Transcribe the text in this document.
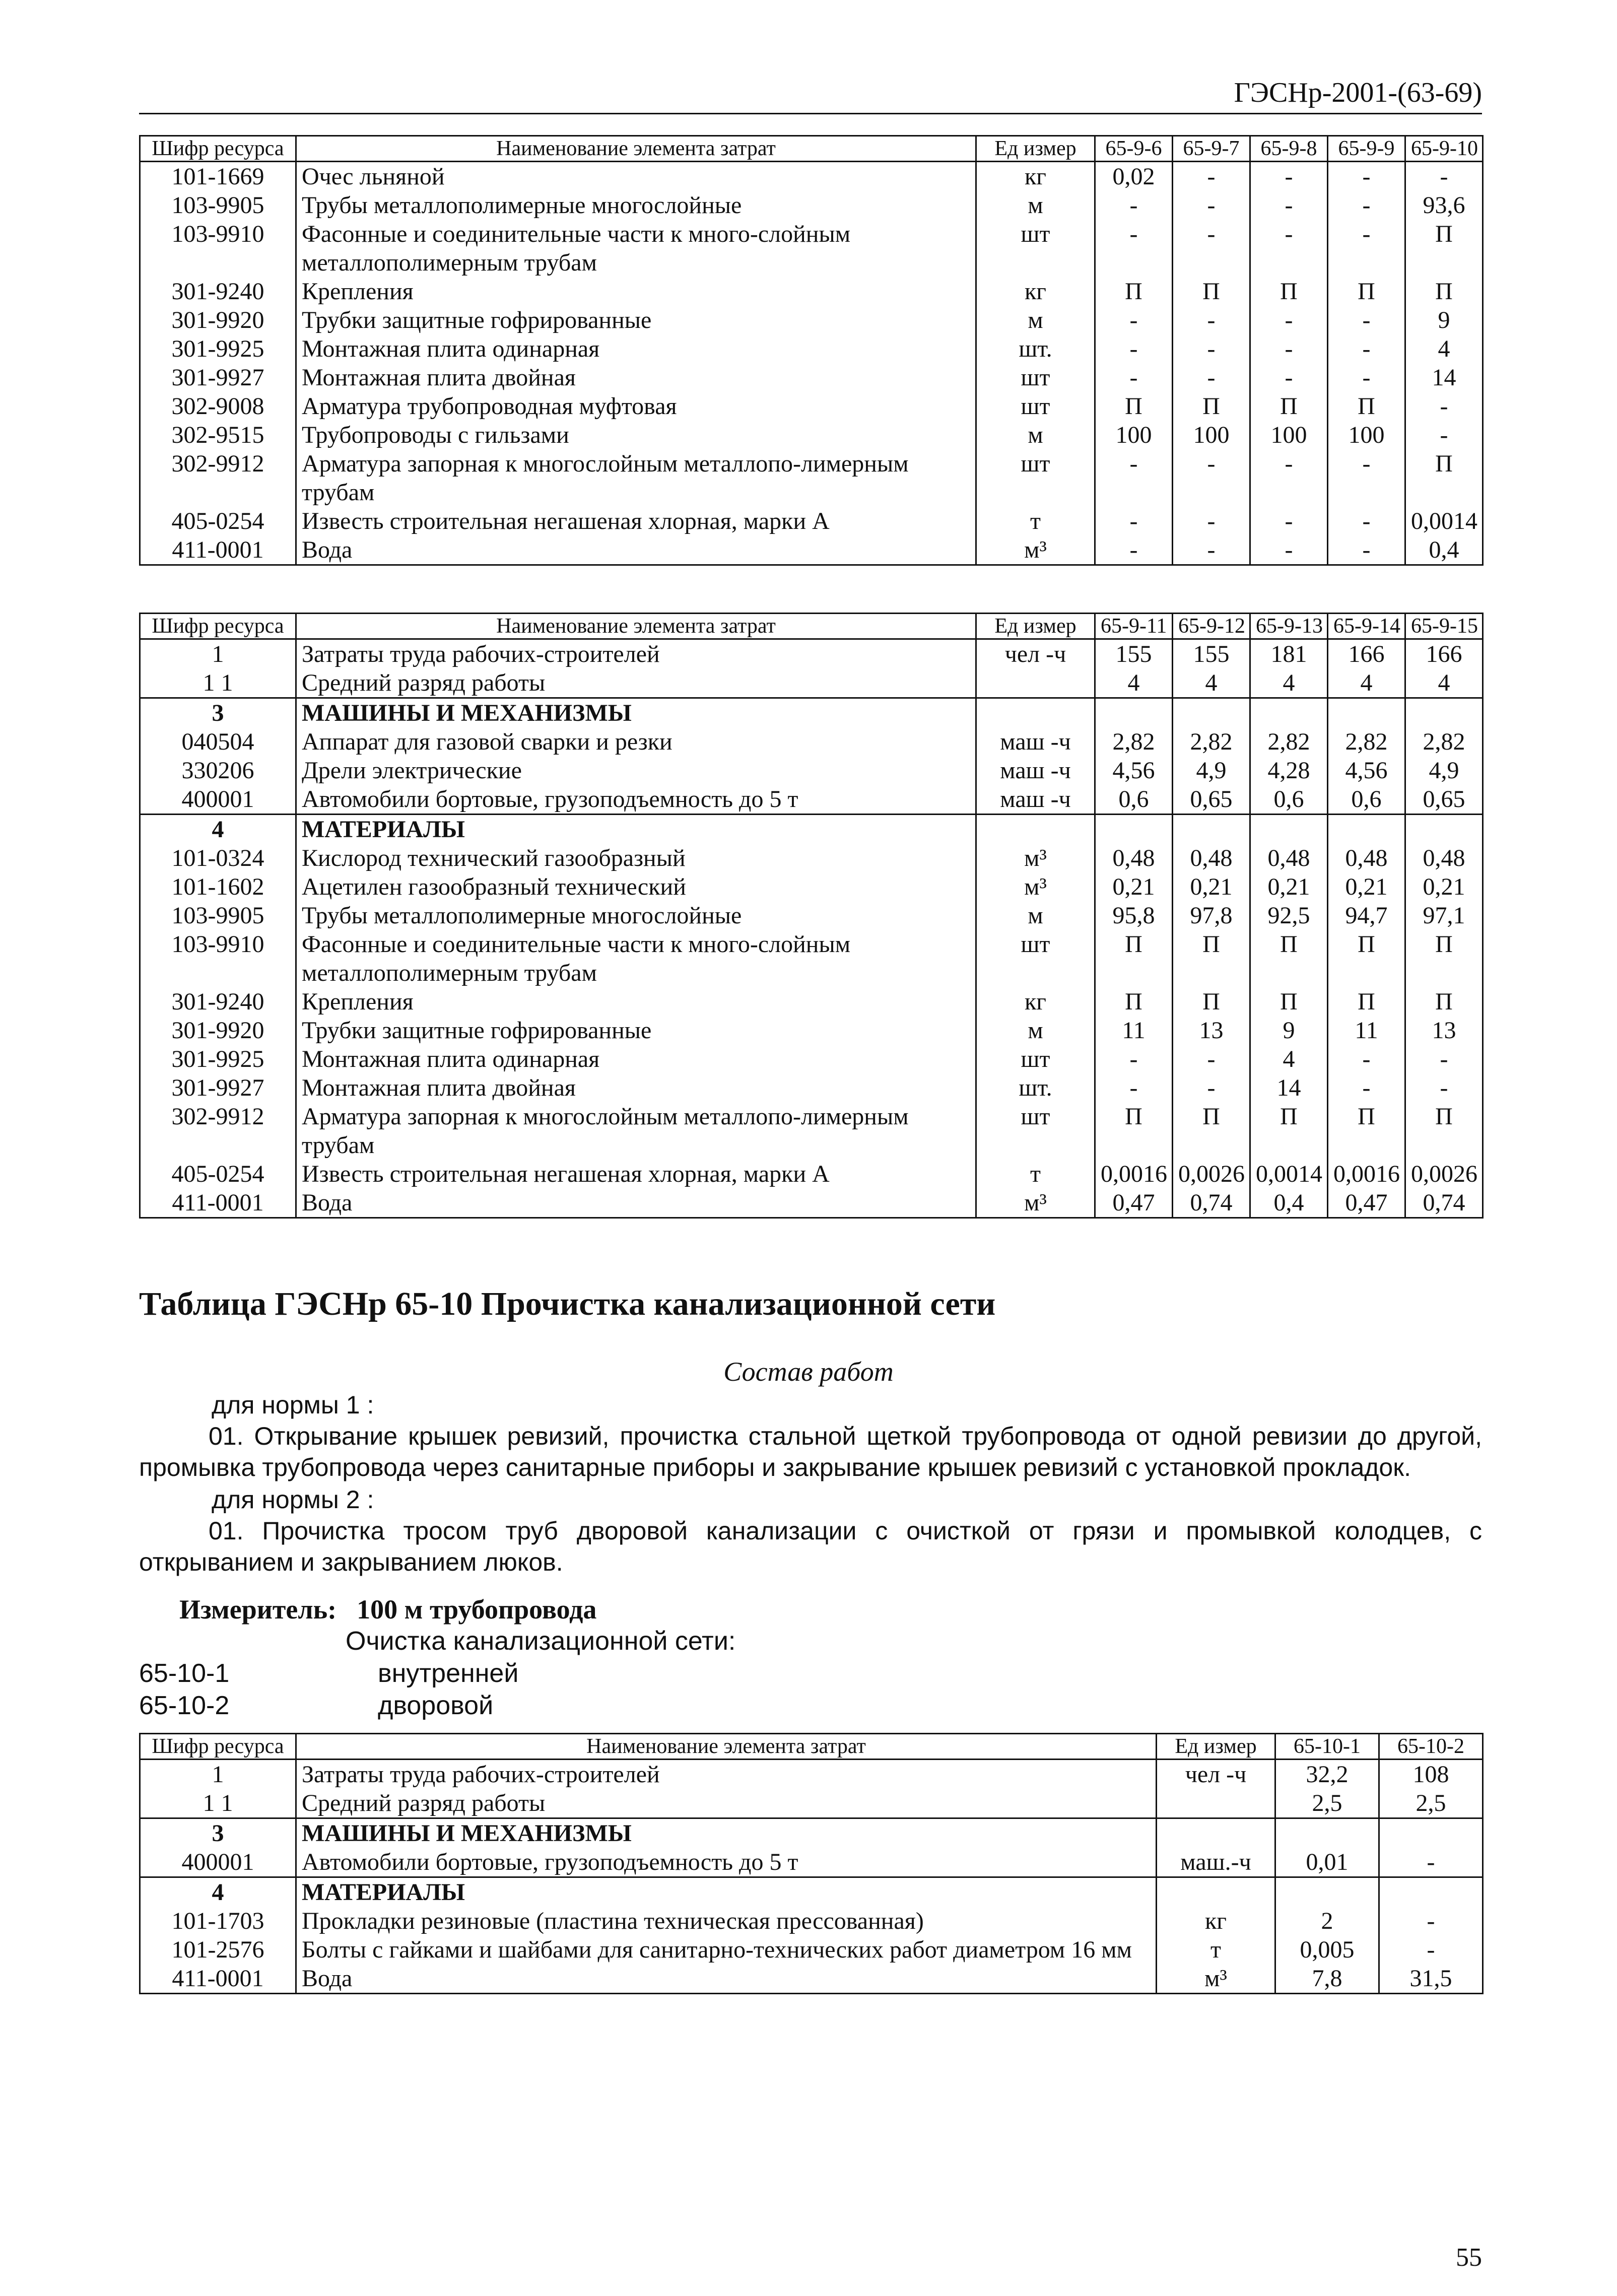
ГЭСНр-2001-(63-69)
Шифр ресурса	Наименование элемента затрат	Ед измер	65-9-6	65-9-7	65-9-8	65-9-9	65-9-10
101-1669	Очес льняной	кг	0,02	-	-	-	-
103-9905	Трубы металлополимерные многослойные	м	-	-	-	-	93,6
103-9910	Фасонные и соединительные части к много-слойным металлополимерным трубам	шт	-	-	-	-	П
301-9240	Крепления	кг	П	П	П	П	П
301-9920	Трубки защитные гофрированные	м	-	-	-	-	9
301-9925	Монтажная плита одинарная	шт.	-	-	-	-	4
301-9927	Монтажная плита двойная	шт	-	-	-	-	14
302-9008	Арматура трубопроводная муфтовая	шт	П	П	П	П	-
302-9515	Трубопроводы с гильзами	м	100	100	100	100	-
302-9912	Арматура запорная к многослойным металлопо-лимерным трубам	шт	-	-	-	-	П
405-0254	Известь строительная негашеная хлорная, марки А	т	-	-	-	-	0,0014
411-0001	Вода	м³	-	-	-	-	0,4
Шифр ресурса	Наименование элемента затрат	Ед измер	65-9-11	65-9-12	65-9-13	65-9-14	65-9-15
1	Затраты труда рабочих-строителей	чел -ч	155	155	181	166	166
1 1	Средний разряд работы		4	4	4	4	4
3	МАШИНЫ И МЕХАНИЗМЫ						
040504	Аппарат для газовой сварки и резки	маш -ч	2,82	2,82	2,82	2,82	2,82
330206	Дрели электрические	маш -ч	4,56	4,9	4,28	4,56	4,9
400001	Автомобили бортовые, грузоподъемность до 5 т	маш -ч	0,6	0,65	0,6	0,6	0,65
4	МАТЕРИАЛЫ						
101-0324	Кислород технический газообразный	м³	0,48	0,48	0,48	0,48	0,48
101-1602	Ацетилен газообразный технический	м³	0,21	0,21	0,21	0,21	0,21
103-9905	Трубы металлополимерные многослойные	м	95,8	97,8	92,5	94,7	97,1
103-9910	Фасонные и соединительные части к много-слойным металлополимерным трубам	шт	П	П	П	П	П
301-9240	Крепления	кг	П	П	П	П	П
301-9920	Трубки защитные гофрированные	м	11	13	9	11	13
301-9925	Монтажная плита одинарная	шт	-	-	4	-	-
301-9927	Монтажная плита двойная	шт.	-	-	14	-	-
302-9912	Арматура запорная к многослойным металлопо-лимерным трубам	шт	П	П	П	П	П
405-0254	Известь строительная негашеная хлорная, марки А	т	0,0016	0,0026	0,0014	0,0016	0,0026
411-0001	Вода	м³	0,47	0,74	0,4	0,47	0,74
Таблица ГЭСНр 65-10 Прочистка канализационной сети
Состав работ
для нормы 1 :
01. Открывание крышек ревизий, прочистка стальной щеткой трубопровода от одной ревизии до другой, промывка трубопровода через санитарные приборы и закрывание крышек ревизий с установкой прокладок.
для нормы 2 :
01. Прочистка тросом труб дворовой канализации с очисткой от грязи и промывкой колодцев, с открыванием и закрыванием люков.
Измеритель: 100 м трубопровода
Очистка канализационной сети:
65-10-1	внутренней
65-10-2	дворовой
Шифр ресурса	Наименование элемента затрат	Ед измер	65-10-1	65-10-2
1	Затраты труда рабочих-строителей	чел -ч	32,2	108
1 1	Средний разряд работы		2,5	2,5
3	МАШИНЫ И МЕХАНИЗМЫ			
400001	Автомобили бортовые, грузоподъемность до 5 т	маш.-ч	0,01	-
4	МАТЕРИАЛЫ			
101-1703	Прокладки резиновые (пластина техническая прессованная)	кг	2	-
101-2576	Болты с гайками и шайбами для санитарно-технических работ диаметром 16 мм	т	0,005	-
411-0001	Вода	м³	7,8	31,5
55
